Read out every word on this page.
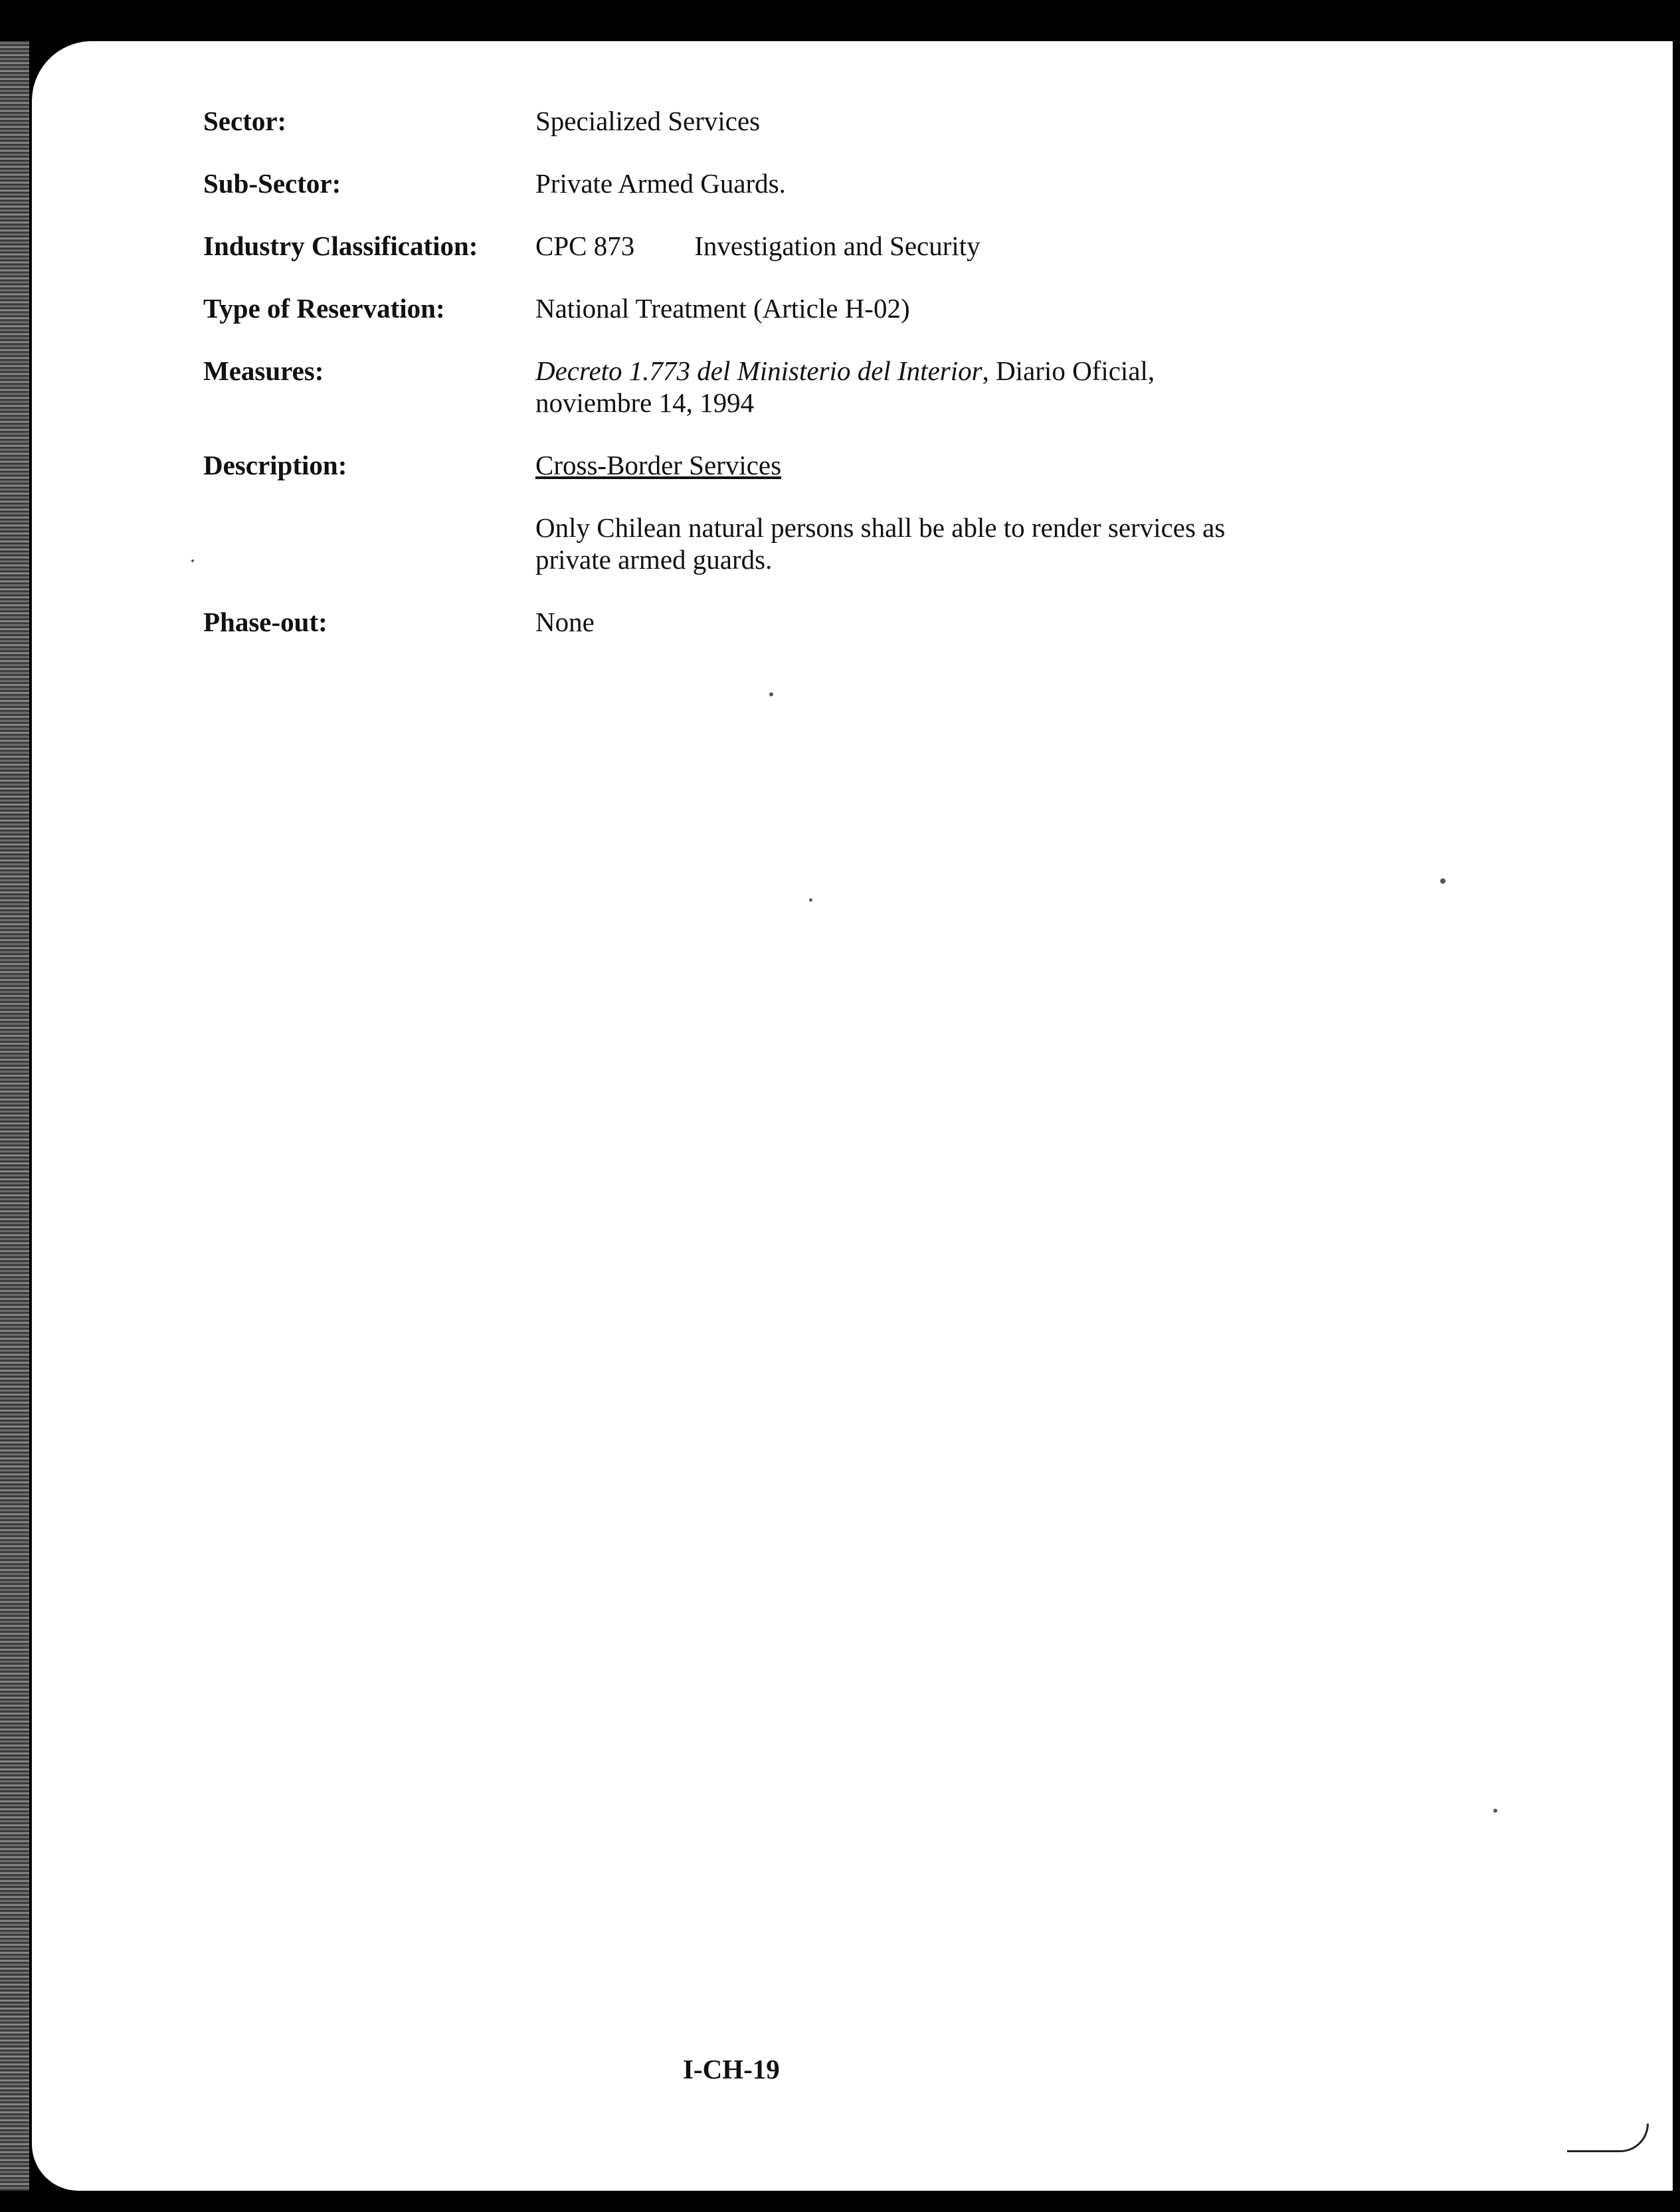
Sector:	Specialized Services
Sub-Sector:	Private Armed Guards.
Industry Classification:	CPC 873 Investigation and Security
Type of Reservation:	National Treatment (Article H-02)
Measures:	Decreto 1.773 del Ministerio del Interior, Diario Oficial,
noviembre 14, 1994
Description:	Cross-Border Services
Only Chilean natural persons shall be able to render services as
private armed guards.
Phase-out:	None
I-CH-19
